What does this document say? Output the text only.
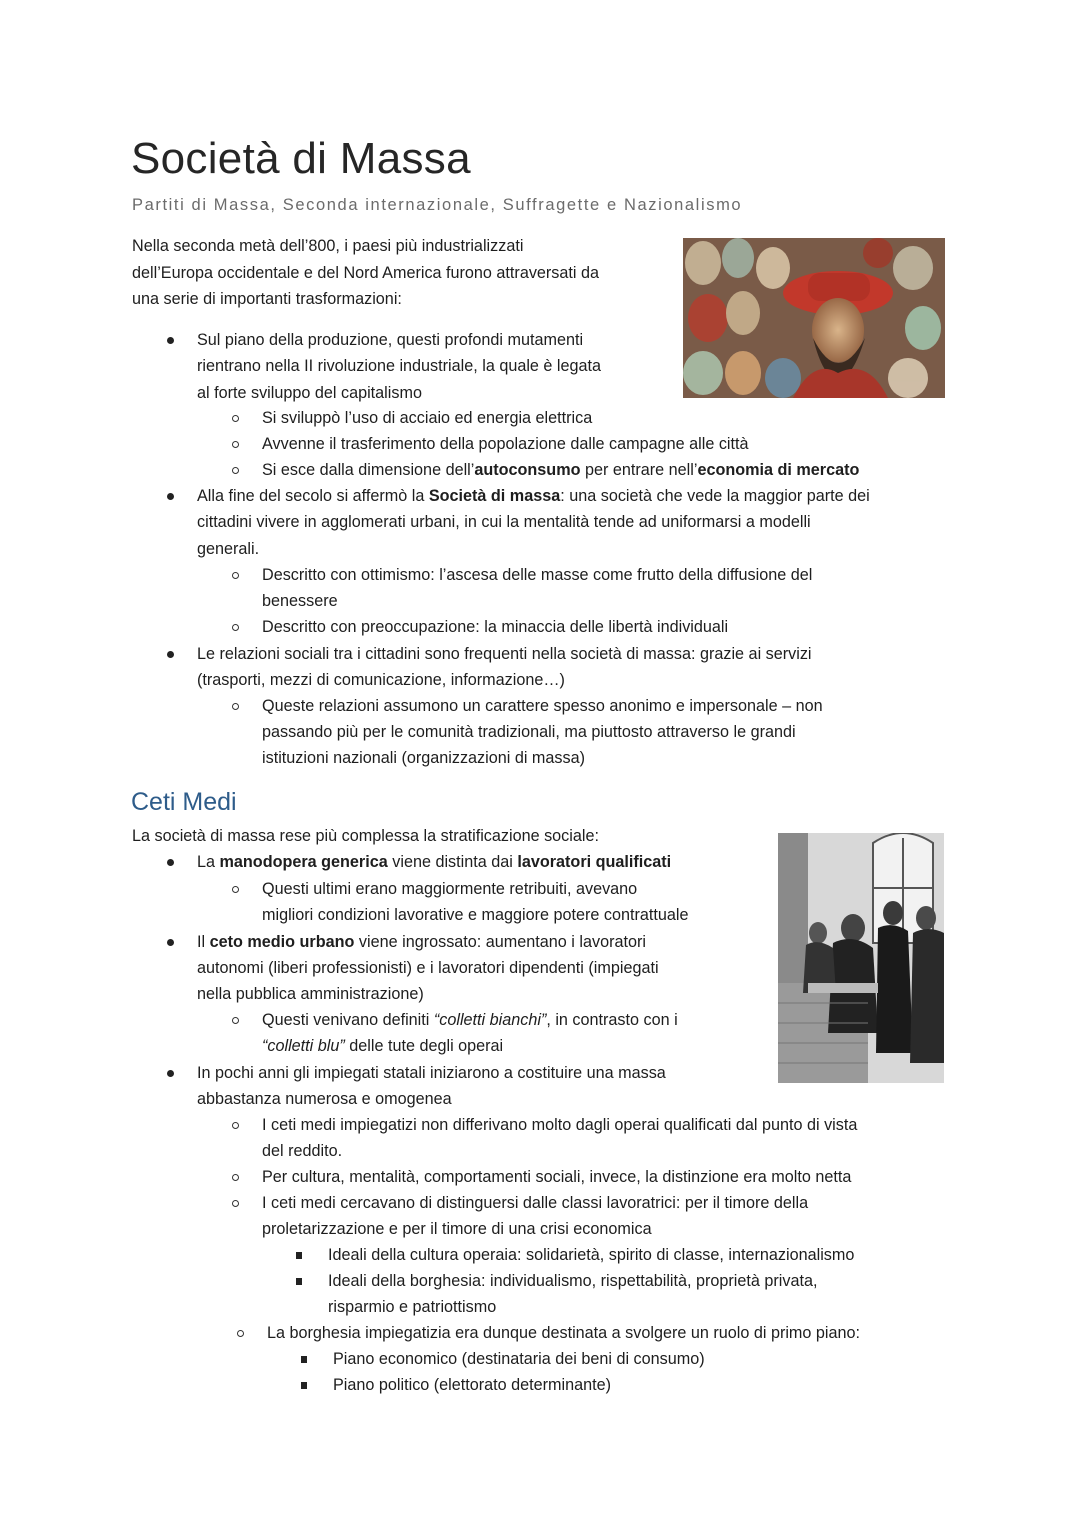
Società di Massa
Partiti di Massa, Seconda internazionale, Suffragette e Nazionalismo
Nella seconda metà dell’800, i paesi più industrializzati
dell’Europa occidentale e del Nord America furono attraversati da
una serie di importanti trasformazioni:
Sul piano della produzione, questi profondi mutamenti
rientrano nella II rivoluzione industriale, la quale è legata
al forte sviluppo del capitalismo
Si sviluppò l’uso di acciaio ed energia elettrica
Avvenne il trasferimento della popolazione dalle campagne alle città
Si esce dalla dimensione dell’autoconsumo per entrare nell’economia di mercato
Alla fine del secolo si affermò la Società di massa: una società che vede la maggior parte dei
cittadini vivere in agglomerati urbani, in cui la mentalità tende ad uniformarsi a modelli
generali.
Descritto con ottimismo: l’ascesa delle masse come frutto della diffusione del
benessere
Descritto con preoccupazione: la minaccia delle libertà individuali
Le relazioni sociali tra i cittadini sono frequenti nella società di massa: grazie ai servizi
(trasporti, mezzi di comunicazione, informazione…)
Queste relazioni assumono un carattere spesso anonimo e impersonale – non
passando più per le comunità tradizionali, ma piuttosto attraverso le grandi
istituzioni nazionali (organizzazioni di massa)
Ceti Medi
La società di massa rese più complessa la stratificazione sociale:
La manodopera generica viene distinta dai lavoratori qualificati
Questi ultimi erano maggiormente retribuiti, avevano
migliori condizioni lavorative e maggiore potere contrattuale
Il ceto medio urbano viene ingrossato: aumentano i lavoratori
autonomi (liberi professionisti) e i lavoratori dipendenti (impiegati
nella pubblica amministrazione)
Questi venivano definiti “colletti bianchi”, in contrasto con i
“colletti blu” delle tute degli operai
In pochi anni gli impiegati statali iniziarono a costituire una massa
abbastanza numerosa e omogenea
I ceti medi impiegatizi non differivano molto dagli operai qualificati dal punto di vista
del reddito.
Per cultura, mentalità, comportamenti sociali, invece, la distinzione era molto netta
I ceti medi cercavano di distinguersi dalle classi lavoratrici: per il timore della
proletarizzazione e per il timore di una crisi economica
Ideali della cultura operaia: solidarietà, spirito di classe, internazionalismo
Ideali della borghesia: individualismo, rispettabilità, proprietà privata,
risparmio e patriottismo
La borghesia impiegatizia era dunque destinata a svolgere un ruolo di primo piano:
Piano economico (destinataria dei beni di consumo)
Piano politico (elettorato determinante)
